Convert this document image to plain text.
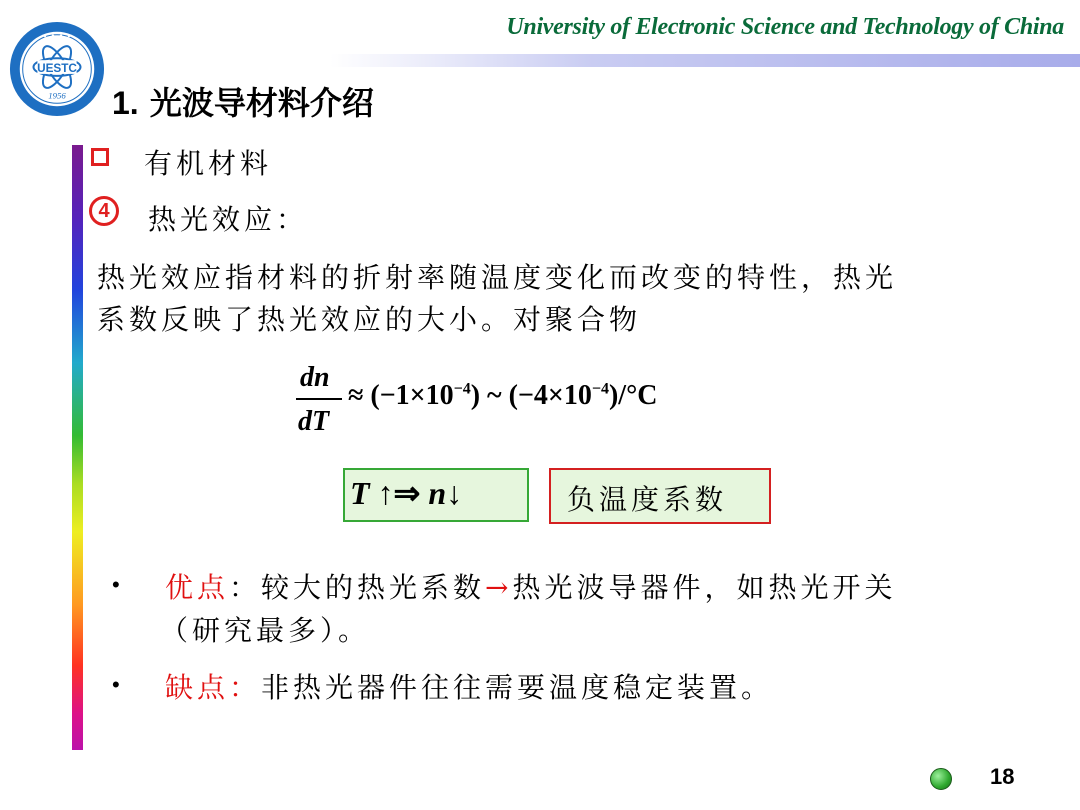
University of Electronic Science and Technology of China
UESTC
1956
• • • •
1. 光波导材料介绍
有机材料
4	热光效应：
热光效应指材料的折射率随温度变化而改变的特性，热光
系数反映了热光效应的大小。对聚合物
dn
dT
≈ $(-1\times 10^{-4})$ ~ $(-4\times 10^{-4})/^\circ C$
T ↑⇒ n↓	负温度系数
• 优点：较大的热光系数→热光波导器件，如热光开关
（研究最多）。
• 缺点：非热光器件往往需要温度稳定装置。
18
